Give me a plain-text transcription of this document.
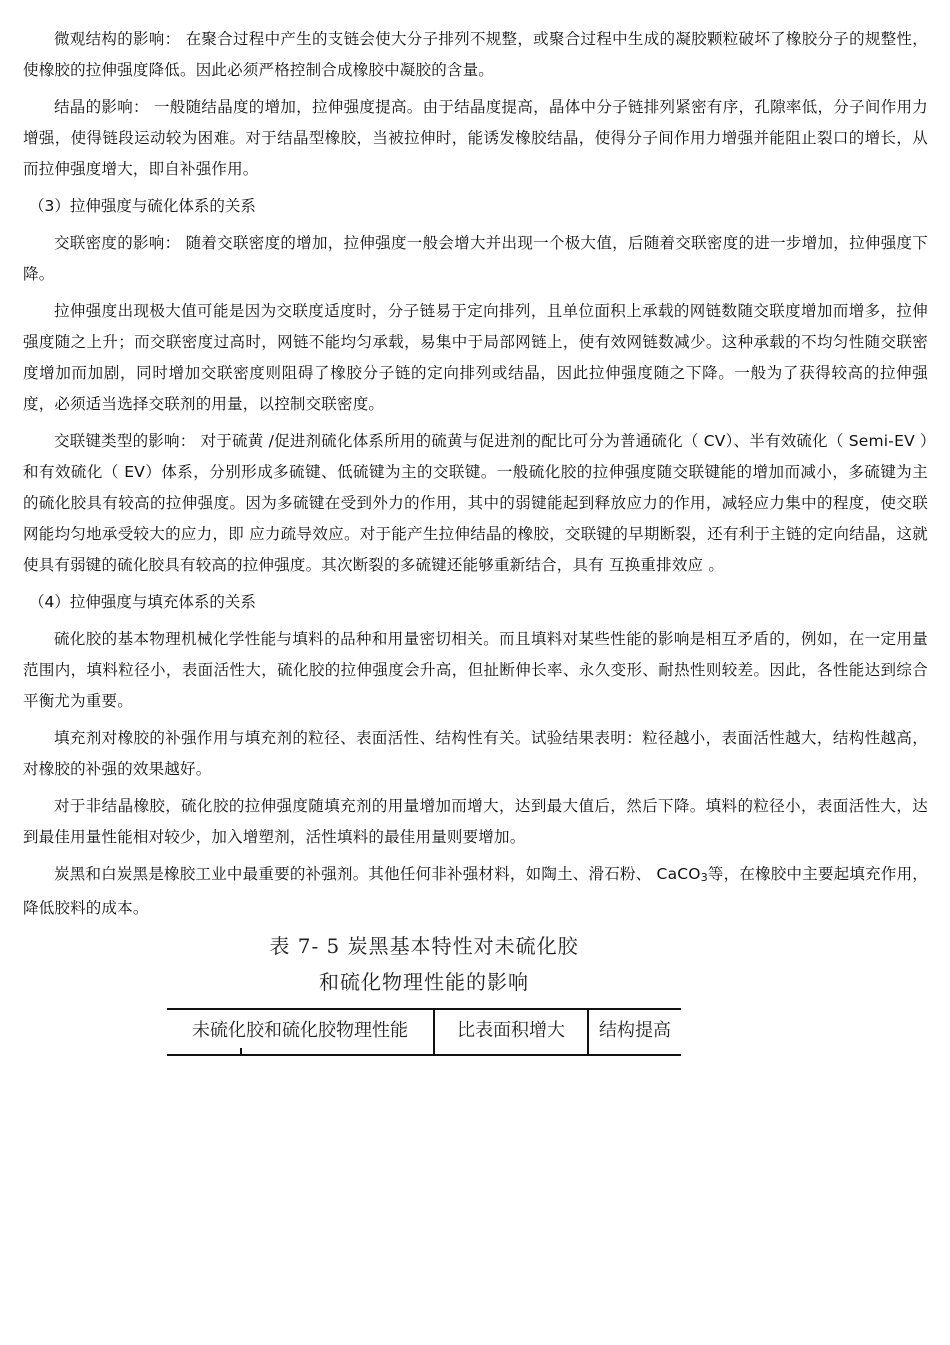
微观结构的影响： 在聚合过程中产生的支链会使大分子排列不规整，或聚合过程中生成的凝胶颗粒破坏了橡胶分子的规整性，使橡胶的拉伸强度降低。因此必须严格控制合成橡胶中凝胶的含量。

结晶的影响： 一般随结晶度的增加，拉伸强度提高。由于结晶度提高，晶体中分子链排列紧密有序，孔隙率低，分子间作用力增强，使得链段运动较为困难。对于结晶型橡胶，当被拉伸时，能诱发橡胶结晶，使得分子间作用力增强并能阻止裂口的增长，从而拉伸强度增大，即自补强作用。

（3）拉伸强度与硫化体系的关系

交联密度的影响： 随着交联密度的增加，拉伸强度一般会增大并出现一个极大值，后随着交联密度的进一步增加，拉伸强度下降。

拉伸强度出现极大值可能是因为交联度适度时，分子链易于定向排列，且单位面积上承载的网链数随交联度增加而增多，拉伸强度随之上升；而交联密度过高时，网链不能均匀承载，易集中于局部网链上，使有效网链数减少。这种承载的不均匀性随交联密度增加而加剧，同时增加交联密度则阻碍了橡胶分子链的定向排列或结晶，因此拉伸强度随之下降。一般为了获得较高的拉伸强度，必须适当选择交联剂的用量，以控制交联密度。

交联键类型的影响： 对于硫黄 /促进剂硫化体系所用的硫黄与促进剂的配比可分为普通硫化（ CV）、半有效硫化（ Semi-EV ）和有效硫化（ EV）体系，分别形成多硫键、低硫键为主的交联键。一般硫化胶的拉伸强度随交联键能的增加而减小，多硫键为主的硫化胶具有较高的拉伸强度。因为多硫键在受到外力的作用，其中的弱键能起到释放应力的作用，减轻应力集中的程度，使交联网能均匀地承受较大的应力，即 应力疏导效应。对于能产生拉伸结晶的橡胶，交联键的早期断裂，还有利于主链的定向结晶，这就使具有弱键的硫化胶具有较高的拉伸强度。其次断裂的多硫键还能够重新结合，具有 互换重排效应 。

（4）拉伸强度与填充体系的关系

硫化胶的基本物理机械化学性能与填料的品种和用量密切相关。而且填料对某些性能的影响是相互矛盾的，例如，在一定用量范围内，填料粒径小，表面活性大，硫化胶的拉伸强度会升高，但扯断伸长率、永久变形、耐热性则较差。因此，各性能达到综合平衡尤为重要。

填充剂对橡胶的补强作用与填充剂的粒径、表面活性、结构性有关。试验结果表明：粒径越小，表面活性越大，结构性越高，对橡胶的补强的效果越好。

对于非结晶橡胶，硫化胶的拉伸强度随填充剂的用量增加而增大，达到最大值后，然后下降。填料的粒径小，表面活性大，达到最佳用量性能相对较少，加入增塑剂，活性填料的最佳用量则要增加。

炭黑和白炭黑是橡胶工业中最重要的补强剂。其他任何非补强材料，如陶土、滑石粉、 CaCO3等，在橡胶中主要起填充作用，降低胶料的成本。

表 7- 5 炭黑基本特性对未硫化胶
和硫化物理性能的影响
未硫化胶和硫化胶物理性能	比表面积增大	结构提高
